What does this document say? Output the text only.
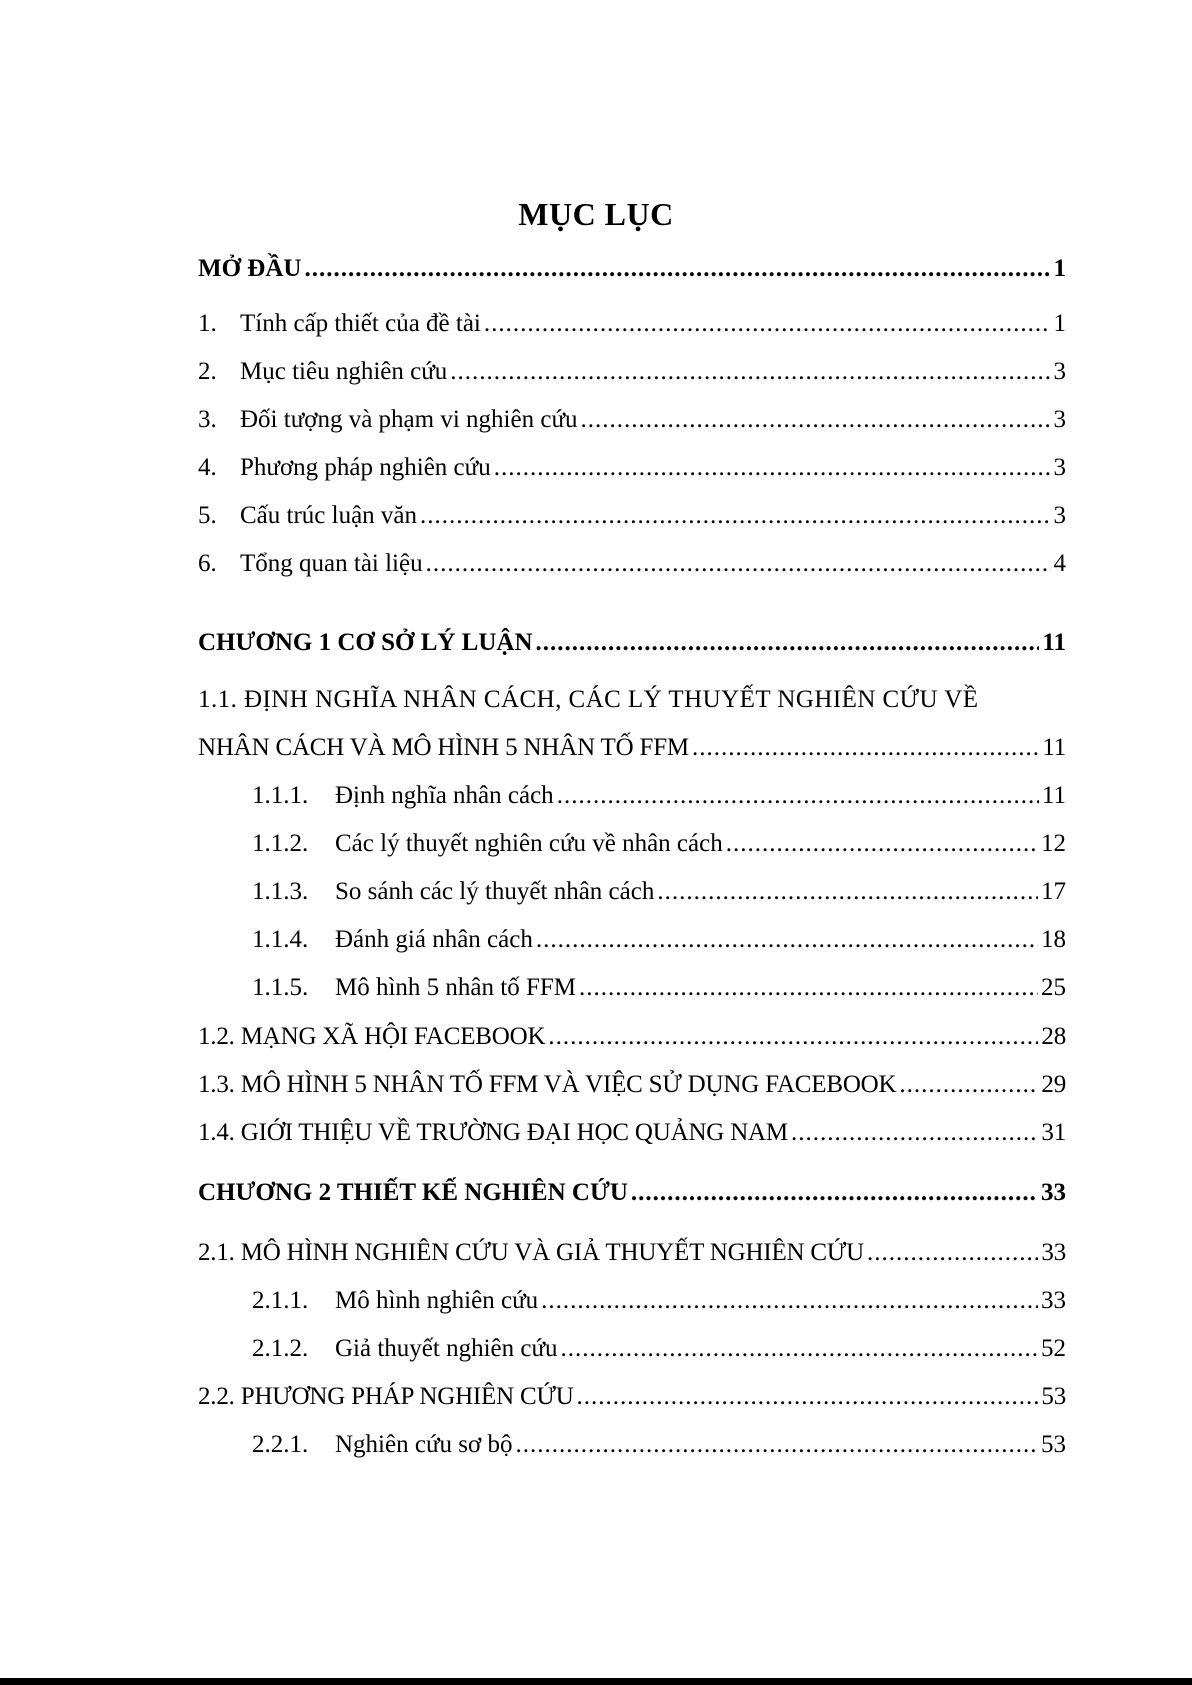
MỤC LỤC
MỞ ĐẦU .....	1
1. Tính cấp thiết của đề tài .....	1
2. Mục tiêu nghiên cứu .....	3
3. Đối tượng và phạm vi nghiên cứu .....	3
4. Phương pháp nghiên cứu .....	3
5. Cấu trúc luận văn .....	3
6. Tổng quan tài liệu .....	4
CHƯƠNG 1 CƠ SỞ LÝ LUẬN .....	11
1.1. ĐỊNH NGHĨA NHÂN CÁCH, CÁC LÝ THUYẾT NGHIÊN CỨU VỀ
NHÂN CÁCH VÀ MÔ HÌNH 5 NHÂN TỐ FFM .....	11
1.1.1.	Định nghĩa nhân cách .....	11
1.1.2.	Các lý thuyết nghiên cứu về nhân cách .....	12
1.1.3.	So sánh các lý thuyết nhân cách .....	17
1.1.4.	Đánh giá nhân cách .....	18
1.1.5.	Mô hình 5 nhân tố FFM .....	25
1.2. MẠNG XÃ HỘI FACEBOOK .....	28
1.3. MÔ HÌNH 5 NHÂN TỐ FFM VÀ VIỆC SỬ DỤNG FACEBOOK .....	29
1.4. GIỚI THIỆU VỀ TRƯỜNG ĐẠI HỌC QUẢNG NAM .....	31
CHƯƠNG 2 THIẾT KẾ NGHIÊN CỨU .....	33
2.1. MÔ HÌNH NGHIÊN CỨU VÀ GIẢ THUYẾT NGHIÊN CỨU .....	33
2.1.1.	Mô hình nghiên cứu .....	33
2.1.2.	Giả thuyết nghiên cứu .....	52
2.2. PHƯƠNG PHÁP NGHIÊN CỨU .....	53
2.2.1.	Nghiên cứu sơ bộ .....	53
